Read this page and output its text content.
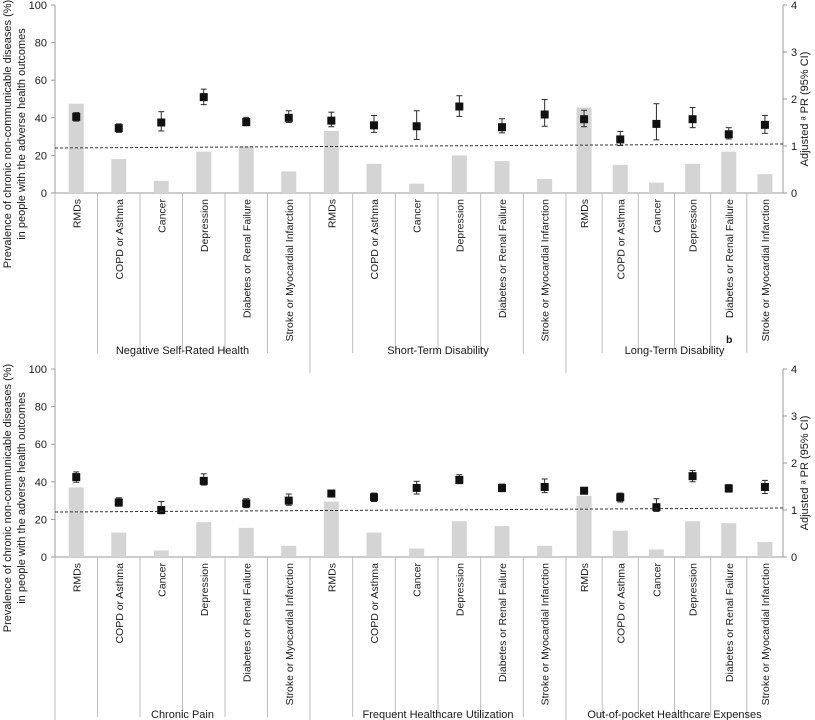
0
20
40
60
80
100
0
1
2
3
4
Prevalence of chronic non-communicable diseases (%) in people with the adverse health outcomes	Adjusted ᵃ PR (95% CI)
Negative Self-Rated Health
RMDs	COPD or Asthma	Cancer	Depression	Diabetes or Renal Failure	Stroke or Myocardial Infarction
Short-Term Disability
RMDs	COPD or Asthma	Cancer	Depression	Diabetes or Renal Failure	Stroke or Myocardial Infarction
Long-Term Disability
RMDs COPD or Asthma Cancer Depression Diabetes or Renal Failure Stroke or Myocardial Infarction
b
0
20
40
60
80
100
0
1
2
3
4
Prevalence of chronic non-communicable diseases (%) in people with the adverse health outcomes	Adjusted ᵃ PR (95% CI)
Chronic Pain
RMDs	COPD or Asthma	Cancer	Depression	Diabetes or Renal Failure	Stroke or Myocardial Infarction
Frequent Healthcare Utilization
RMDs	COPD or Asthma	Cancer	Depression	Diabetes or Renal Failure	Stroke or Myocardial Infarction
Out-of-pocket Healthcare Expenses
RMDs COPD or Asthma Cancer Depression Diabetes or Renal Failure Stroke or Myocardial Infarction
